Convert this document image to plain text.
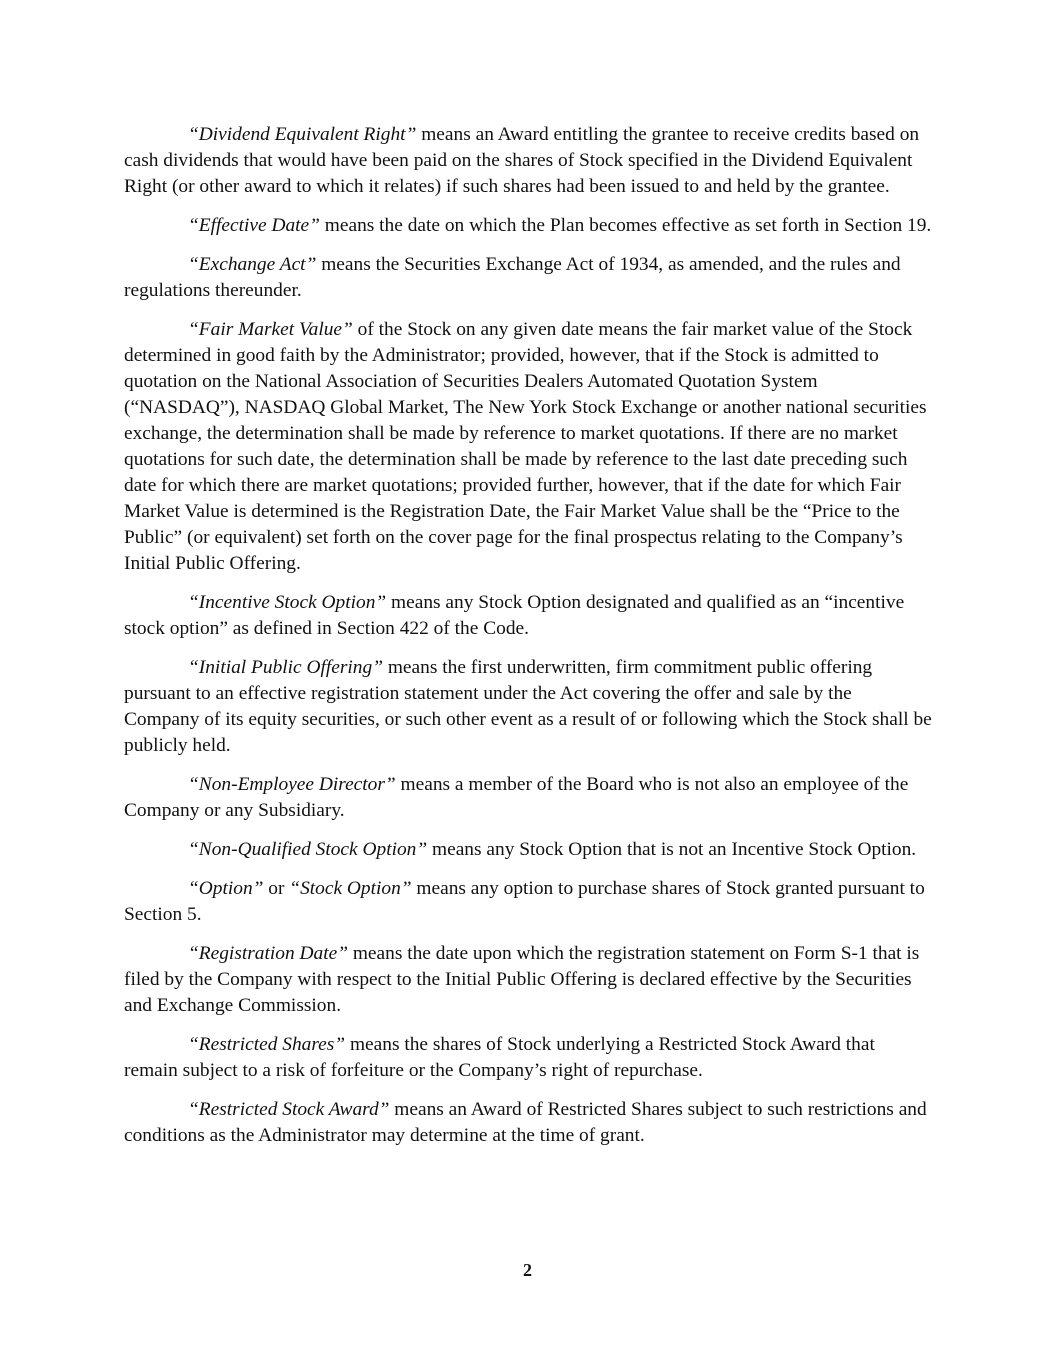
“Dividend Equivalent Right” means an Award entitling the grantee to receive credits based on cash dividends that would have been paid on the shares of Stock specified in the Dividend Equivalent Right (or other award to which it relates) if such shares had been issued to and held by the grantee.

“Effective Date” means the date on which the Plan becomes effective as set forth in Section 19.

“Exchange Act” means the Securities Exchange Act of 1934, as amended, and the rules and regulations thereunder.

“Fair Market Value” of the Stock on any given date means the fair market value of the Stock determined in good faith by the Administrator; provided, however, that if the Stock is admitted to quotation on the National Association of Securities Dealers Automated Quotation System (“NASDAQ”), NASDAQ Global Market, The New York Stock Exchange or another national securities exchange, the determination shall be made by reference to market quotations. If there are no market quotations for such date, the determination shall be made by reference to the last date preceding such date for which there are market quotations; provided further, however, that if the date for which Fair Market Value is determined is the Registration Date, the Fair Market Value shall be the “Price to the Public” (or equivalent) set forth on the cover page for the final prospectus relating to the Company’s Initial Public Offering.

“Incentive Stock Option” means any Stock Option designated and qualified as an “incentive stock option” as defined in Section 422 of the Code.

“Initial Public Offering” means the first underwritten, firm commitment public offering pursuant to an effective registration statement under the Act covering the offer and sale by the Company of its equity securities, or such other event as a result of or following which the Stock shall be publicly held.

“Non-Employee Director” means a member of the Board who is not also an employee of the Company or any Subsidiary.

“Non-Qualified Stock Option” means any Stock Option that is not an Incentive Stock Option.

“Option” or “Stock Option” means any option to purchase shares of Stock granted pursuant to Section 5.

“Registration Date” means the date upon which the registration statement on Form S-1 that is filed by the Company with respect to the Initial Public Offering is declared effective by the Securities and Exchange Commission.

“Restricted Shares” means the shares of Stock underlying a Restricted Stock Award that remain subject to a risk of forfeiture or the Company’s right of repurchase.

“Restricted Stock Award” means an Award of Restricted Shares subject to such restrictions and conditions as the Administrator may determine at the time of grant.

2
